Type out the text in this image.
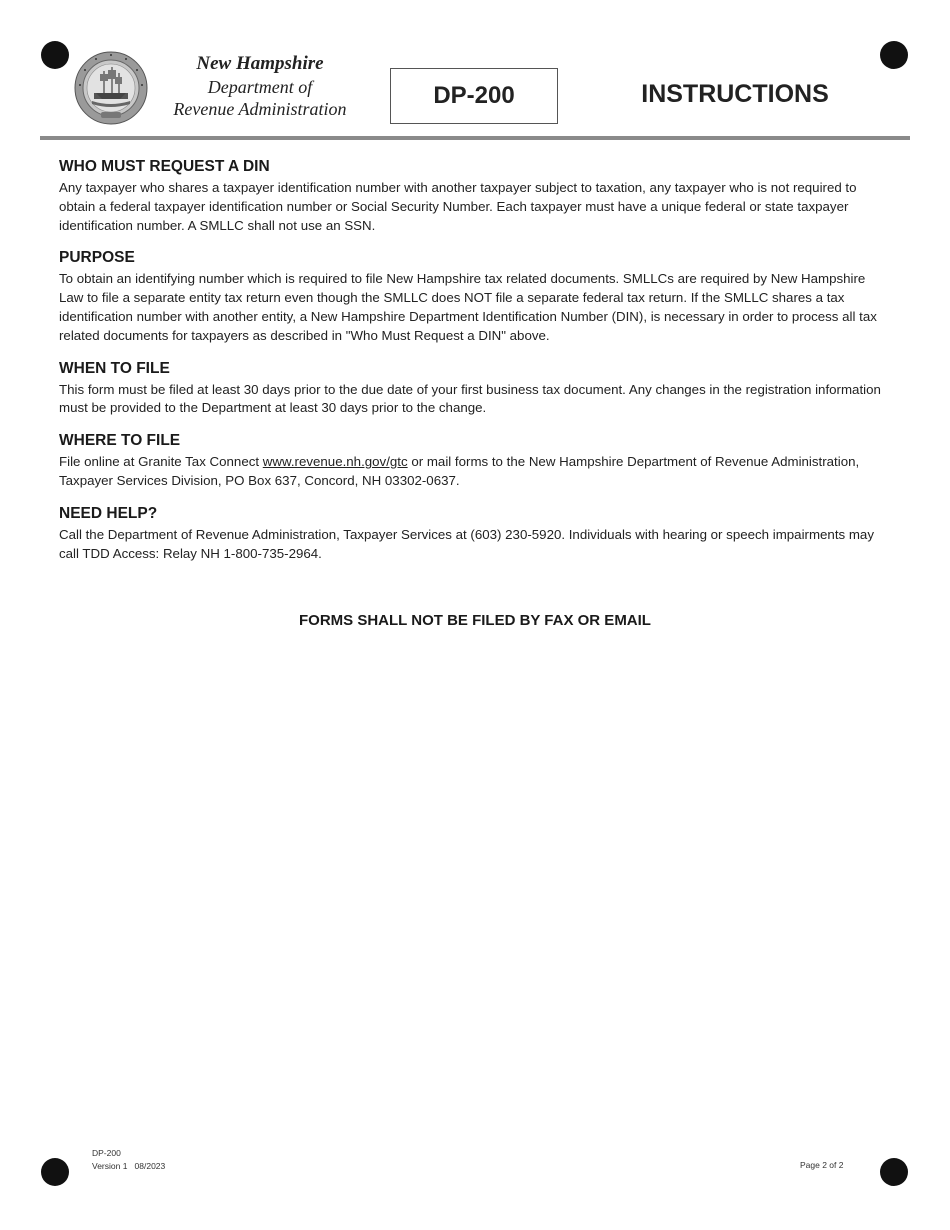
New Hampshire
Department of
Revenue Administration	DP-200	INSTRUCTIONS
WHO MUST REQUEST A DIN

Any taxpayer who shares a taxpayer identification number with another taxpayer subject to taxation, any taxpayer who is not required to obtain a federal taxpayer identification number or Social Security Number. Each taxpayer must have a unique federal or state taxpayer identification number. A SMLLC shall not use an SSN.

PURPOSE

To obtain an identifying number which is required to file New Hampshire tax related documents. SMLLCs are required by New Hampshire Law to file a separate entity tax return even though the SMLLC does NOT file a separate federal tax return. If the SMLLC shares a tax identification number with another entity, a New Hampshire Department Identification Number (DIN), is necessary in order to process all tax related documents for taxpayers as described in "Who Must Request a DIN" above.

WHEN TO FILE

This form must be filed at least 30 days prior to the due date of your first business tax document. Any changes in the registration information must be provided to the Department at least 30 days prior to the change.

WHERE TO FILE

File online at Granite Tax Connect www.revenue.nh.gov/gtc or mail forms to the New Hampshire Department of Revenue Administration, Taxpayer Services Division, PO Box 637, Concord, NH 03302-0637.

NEED HELP?

Call the Department of Revenue Administration, Taxpayer Services at (603) 230-5920. Individuals with hearing or speech impairments may call TDD Access: Relay NH 1-800-735-2964.

FORMS SHALL NOT BE FILED BY FAX OR EMAIL
DP-200
Version 1   08/2023	Page 2 of 2
